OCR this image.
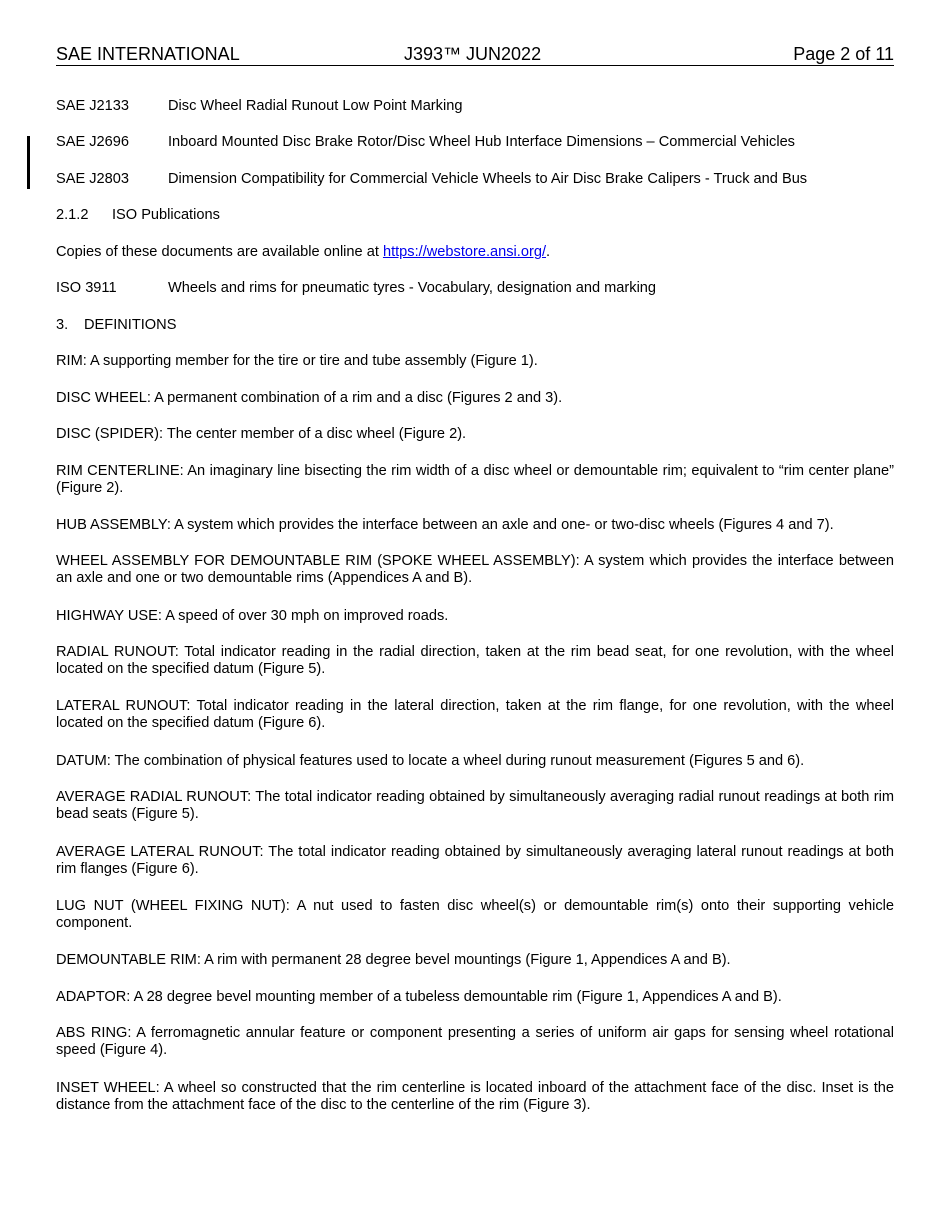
SAE INTERNATIONAL	J393™ JUN2022	Page 2 of 11
SAE J2133	Disc Wheel Radial Runout Low Point Marking
SAE J2696	Inboard Mounted Disc Brake Rotor/Disc Wheel Hub Interface Dimensions – Commercial Vehicles
SAE J2803	Dimension Compatibility for Commercial Vehicle Wheels to Air Disc Brake Calipers - Truck and Bus
2.1.2 ISO Publications
Copies of these documents are available online at https://webstore.ansi.org/.
ISO 3911	Wheels and rims for pneumatic tyres - Vocabulary, designation and marking
3. DEFINITIONS
RIM: A supporting member for the tire or tire and tube assembly (Figure 1).
DISC WHEEL: A permanent combination of a rim and a disc (Figures 2 and 3).
DISC (SPIDER): The center member of a disc wheel (Figure 2).
RIM CENTERLINE: An imaginary line bisecting the rim width of a disc wheel or demountable rim; equivalent to “rim center plane” (Figure 2).
HUB ASSEMBLY: A system which provides the interface between an axle and one- or two-disc wheels (Figures 4 and 7).
WHEEL ASSEMBLY FOR DEMOUNTABLE RIM (SPOKE WHEEL ASSEMBLY): A system which provides the interface between an axle and one or two demountable rims (Appendices A and B).
HIGHWAY USE: A speed of over 30 mph on improved roads.
RADIAL RUNOUT: Total indicator reading in the radial direction, taken at the rim bead seat, for one revolution, with the wheel located on the specified datum (Figure 5).
LATERAL RUNOUT: Total indicator reading in the lateral direction, taken at the rim flange, for one revolution, with the wheel located on the specified datum (Figure 6).
DATUM: The combination of physical features used to locate a wheel during runout measurement (Figures 5 and 6).
AVERAGE RADIAL RUNOUT: The total indicator reading obtained by simultaneously averaging radial runout readings at both rim bead seats (Figure 5).
AVERAGE LATERAL RUNOUT: The total indicator reading obtained by simultaneously averaging lateral runout readings at both rim flanges (Figure 6).
LUG NUT (WHEEL FIXING NUT): A nut used to fasten disc wheel(s) or demountable rim(s) onto their supporting vehicle component.
DEMOUNTABLE RIM: A rim with permanent 28 degree bevel mountings (Figure 1, Appendices A and B).
ADAPTOR: A 28 degree bevel mounting member of a tubeless demountable rim (Figure 1, Appendices A and B).
ABS RING: A ferromagnetic annular feature or component presenting a series of uniform air gaps for sensing wheel rotational speed (Figure 4).
INSET WHEEL: A wheel so constructed that the rim centerline is located inboard of the attachment face of the disc. Inset is the distance from the attachment face of the disc to the centerline of the rim (Figure 3).
